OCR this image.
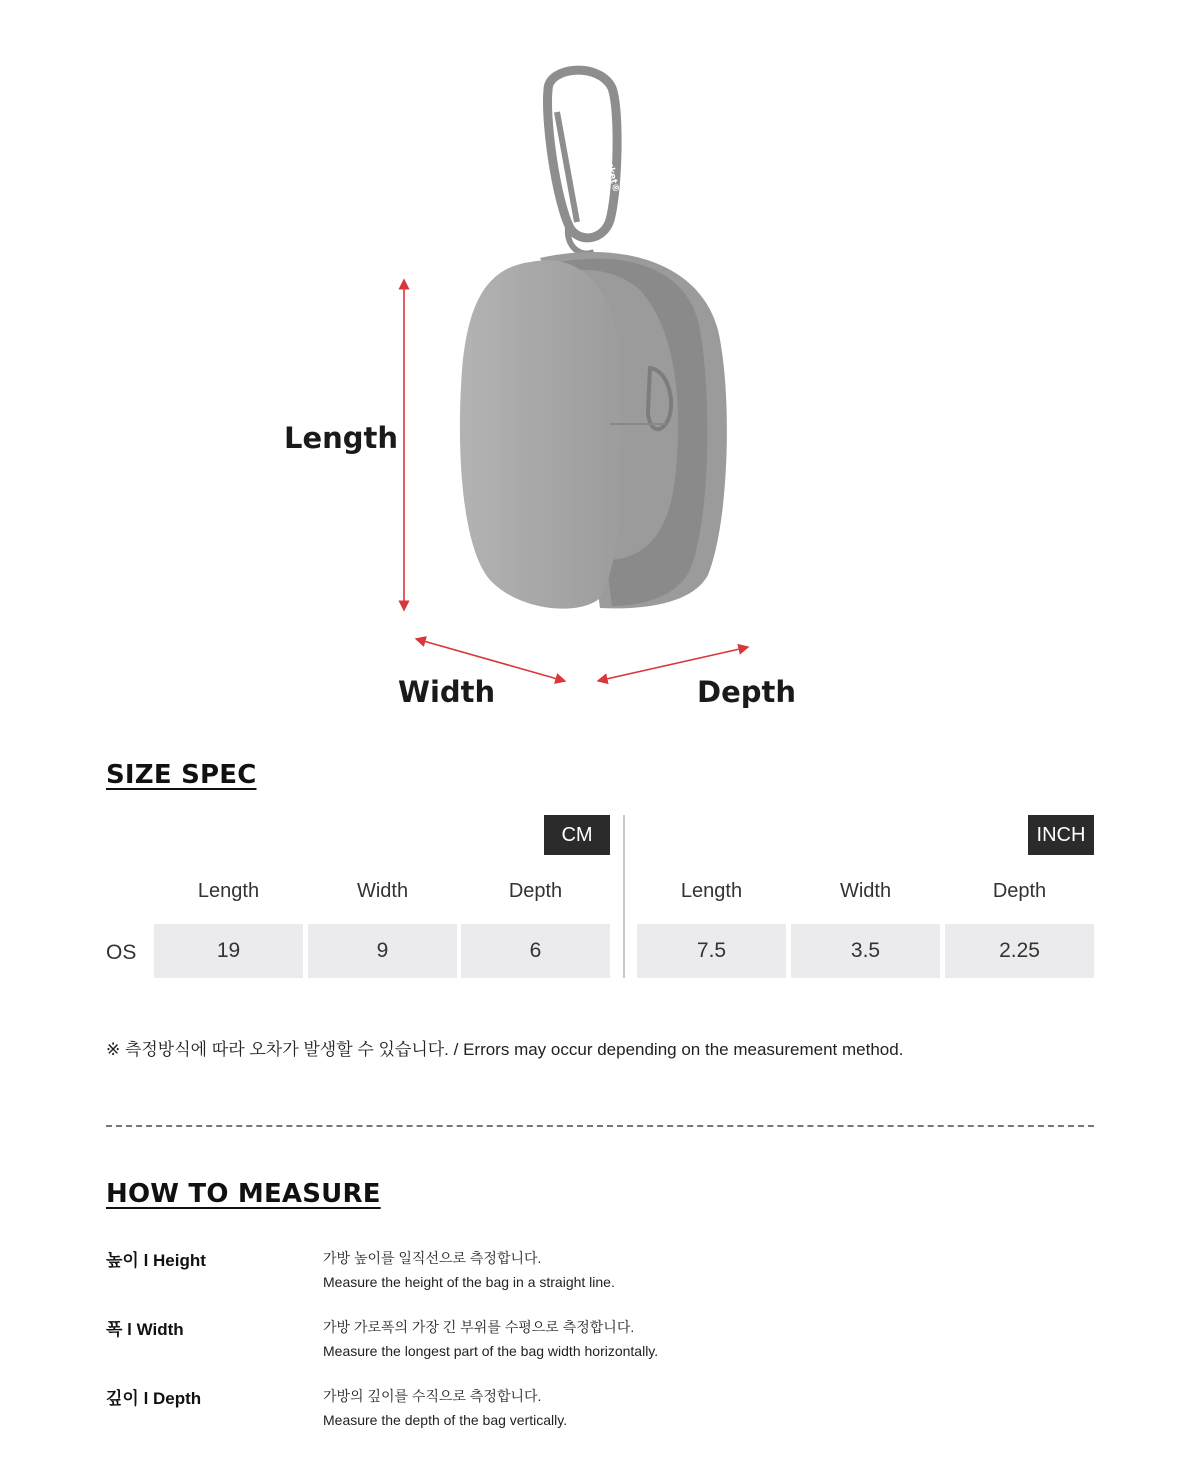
FoundPocket®
Length
Width	Depth
SIZE SPEC
CM	INCH
Length	Width	Depth	Length	Width	Depth
OS	19	9	6	7.5	3.5	2.25
※ 측정방식에 따라 오차가 발생할 수 있습니다. / Errors may occur depending on the measurement method.
HOW TO MEASURE
높이 l Height	가방 높이를 일직선으로 측정합니다.
Measure the height of the bag in a straight line.
폭 l Width	가방 가로폭의 가장 긴 부위를 수평으로 측정합니다.
Measure the longest part of the bag width horizontally.
깊이 l Depth	가방의 깊이를 수직으로 측정합니다.
Measure the depth of the bag vertically.
